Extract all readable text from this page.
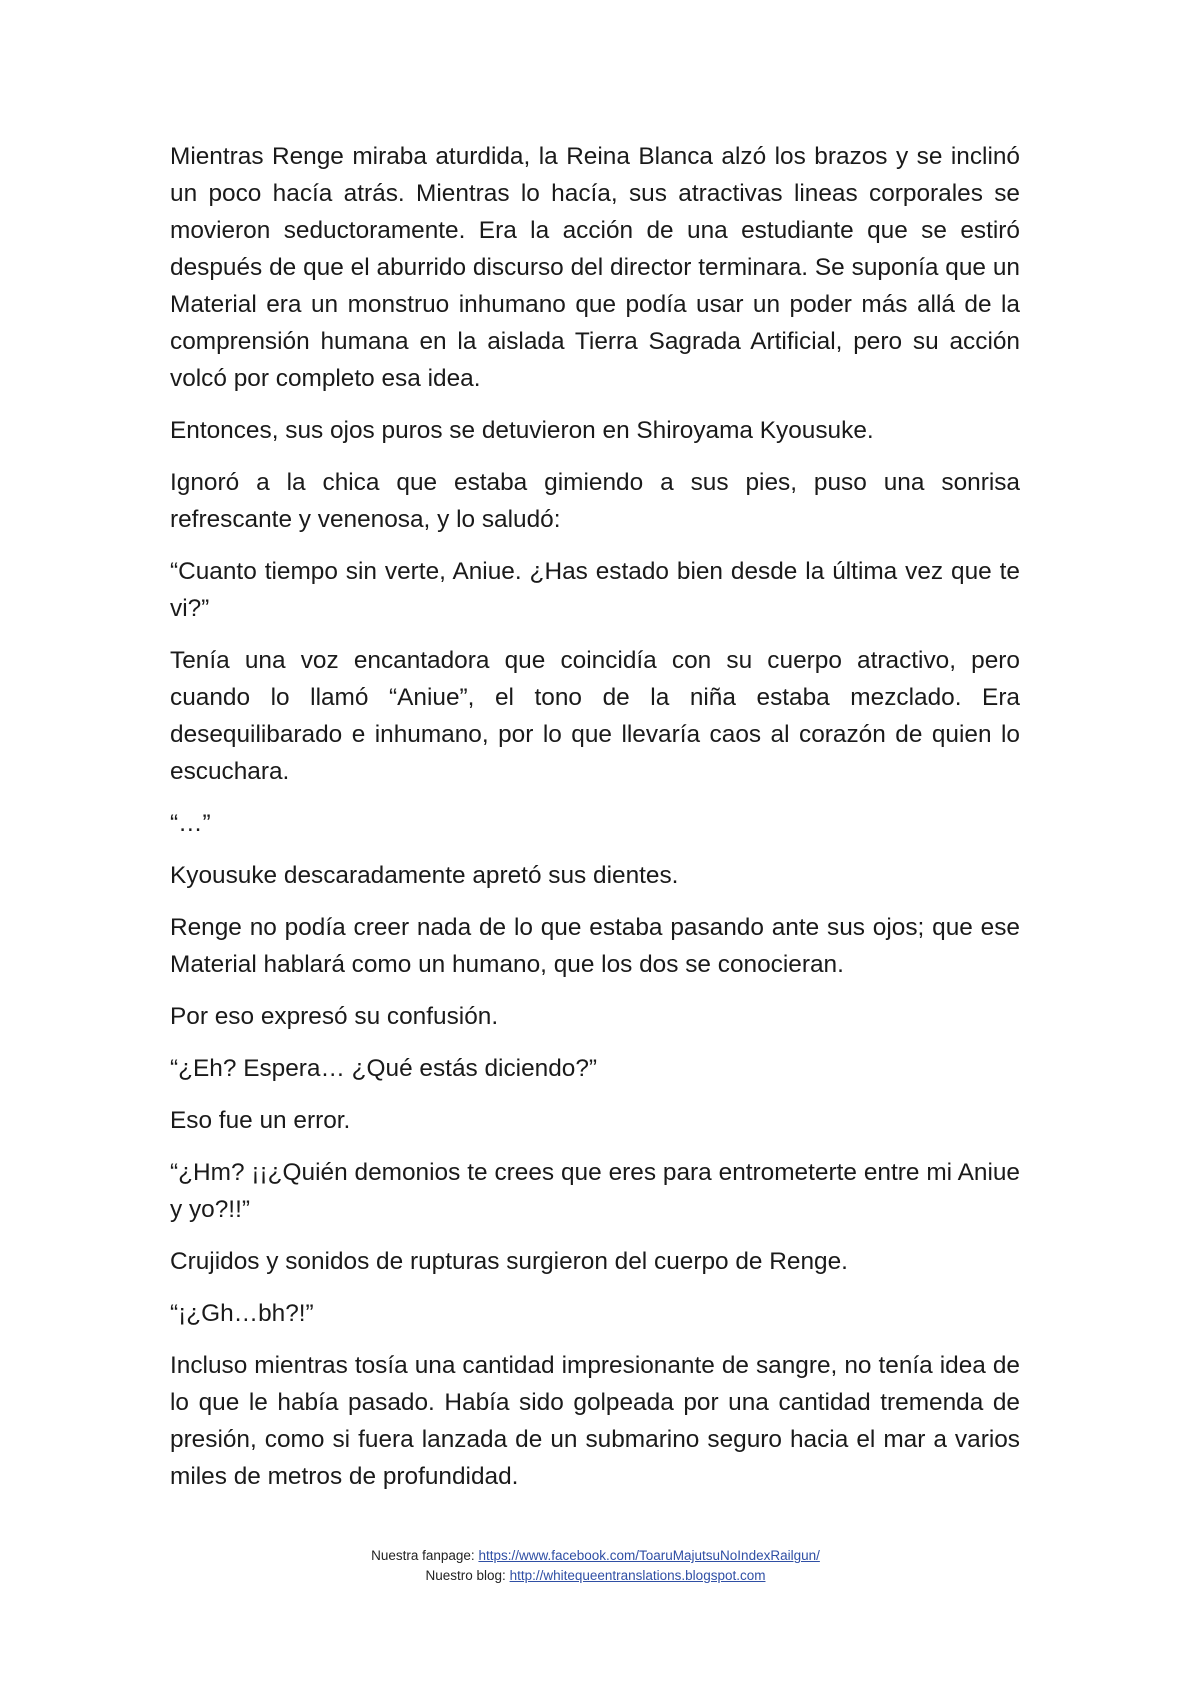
Mientras Renge miraba aturdida, la Reina Blanca alzó los brazos y se inclinó un poco hacía atrás. Mientras lo hacía, sus atractivas lineas corporales se movieron seductoramente. Era la acción de una estudiante que se estiró después de que el aburrido discurso del director terminara. Se suponía que un Material era un monstruo inhumano que podía usar un poder más allá de la comprensión humana en la aislada Tierra Sagrada Artificial, pero su acción volcó por completo esa idea.

Entonces, sus ojos puros se detuvieron en Shiroyama Kyousuke.

Ignoró a la chica que estaba gimiendo a sus pies, puso una sonrisa refrescante y venenosa, y lo saludó:

“Cuanto tiempo sin verte, Aniue. ¿Has estado bien desde la última vez que te vi?”

Tenía una voz encantadora que coincidía con su cuerpo atractivo, pero cuando lo llamó “Aniue”, el tono de la niña estaba mezclado. Era desequilibarado e inhumano, por lo que llevaría caos al corazón de quien lo escuchara.

“…”

Kyousuke descaradamente apretó sus dientes.

Renge no podía creer nada de lo que estaba pasando ante sus ojos; que ese Material hablará como un humano, que los dos se conocieran.

Por eso expresó su confusión.

“¿Eh? Espera… ¿Qué estás diciendo?”

Eso fue un error.

“¿Hm? ¡¡¿Quién demonios te crees que eres para entrometerte entre mi Aniue y yo?!!”

Crujidos y sonidos de rupturas surgieron del cuerpo de Renge.

“¡¿Gh…bh?!”

Incluso mientras tosía una cantidad impresionante de sangre, no tenía idea de lo que le había pasado. Había sido golpeada por una cantidad tremenda de presión, como si fuera lanzada de un submarino seguro hacia el mar a varios miles de metros de profundidad.

Nuestra fanpage: https://www.facebook.com/ToaruMajutsuNoIndexRailgun/
Nuestro blog: http://whitequeentranslations.blogspot.com
